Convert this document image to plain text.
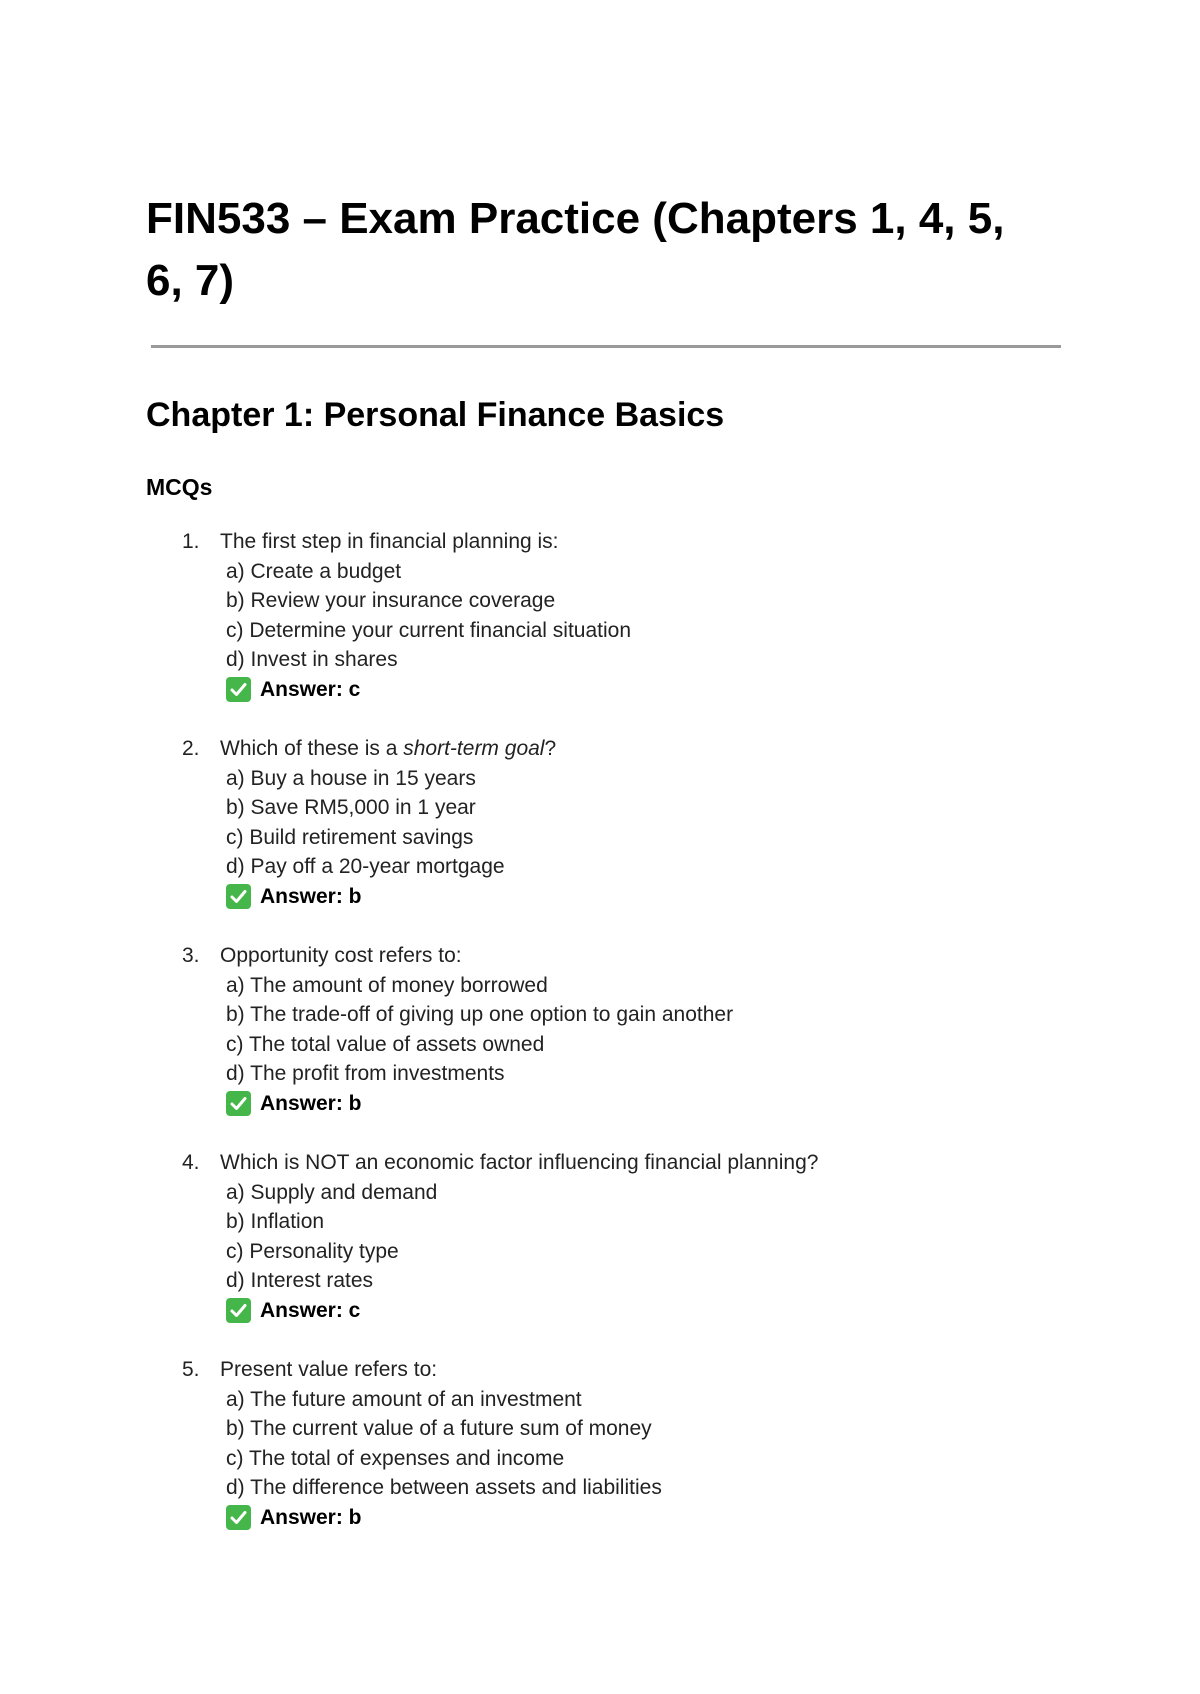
FIN533 – Exam Practice (Chapters 1, 4, 5, 6, 7)
Chapter 1: Personal Finance Basics
MCQs
1. The first step in financial planning is:
a) Create a budget
b) Review your insurance coverage
c) Determine your current financial situation
d) Invest in shares
Answer: c
2. Which of these is a short-term goal?
a) Buy a house in 15 years
b) Save RM5,000 in 1 year
c) Build retirement savings
d) Pay off a 20-year mortgage
Answer: b
3. Opportunity cost refers to:
a) The amount of money borrowed
b) The trade-off of giving up one option to gain another
c) The total value of assets owned
d) The profit from investments
Answer: b
4. Which is NOT an economic factor influencing financial planning?
a) Supply and demand
b) Inflation
c) Personality type
d) Interest rates
Answer: c
5. Present value refers to:
a) The future amount of an investment
b) The current value of a future sum of money
c) The total of expenses and income
d) The difference between assets and liabilities
Answer: b
